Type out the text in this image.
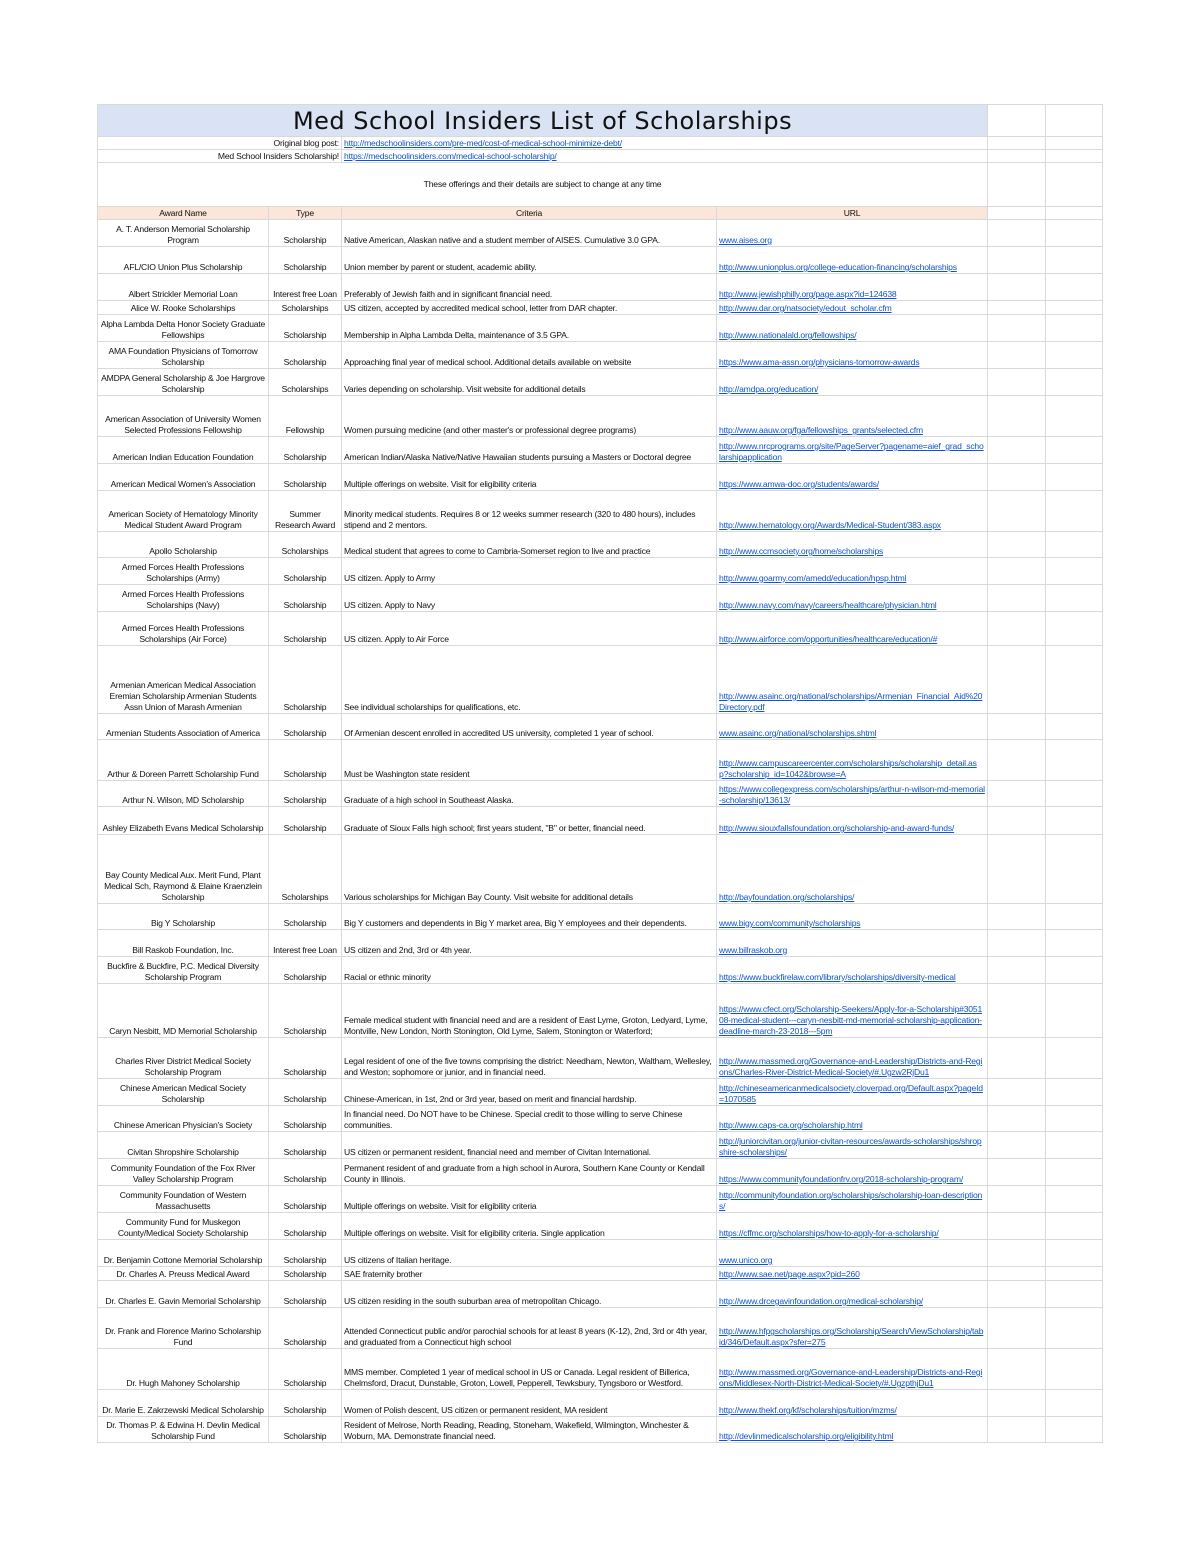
Med School Insiders List of Scholarships					
Original blog post:		http://medschoolinsiders.com/pre-med/cost-of-medical-school-minimize-debt/			
Med School Insiders Scholarship!		https://medschoolinsiders.com/medical-school-scholarship/			
These offerings and their details are subject to change at any time					
Award Name	Type	Criteria	URL		
A. T. Anderson Memorial Scholarship Program	Scholarship	Native American, Alaskan native and a student member of AISES. Cumulative 3.0 GPA.	www.aises.org		
AFL/CIO Union Plus Scholarship	Scholarship	Union member by parent or student, academic ability.	http://www.unionplus.org/college-education-financing/scholarships		
Albert Strickler Memorial Loan	Interest free Loan	Preferably of Jewish faith and in significant financial need.	http://www.jewishphilly.org/page.aspx?id=124638		
Alice W. Rooke Scholarships	Scholarships	US citizen, accepted by accredited medical school, letter from DAR chapter.	http://www.dar.org/natsociety/edout_scholar.cfm		
Alpha Lambda Delta Honor Society Graduate Fellowships	Scholarship	Membership in Alpha Lambda Delta, maintenance of 3.5 GPA.	http://www.nationalald.org/fellowships/		
AMA Foundation Physicians of Tomorrow Scholarship	Scholarship	Approaching final year of medical school. Additional details available on website	https://www.ama-assn.org/physicians-tomorrow-awards		
AMDPA General Scholarship & Joe Hargrove Scholarship	Scholarships	Varies depending on scholarship. Visit website for additional details	http://amdpa.org/education/		
American Association of University Women Selected Professions Fellowship	Fellowship	Women pursuing medicine (and other master's or professional degree programs)	http://www.aauw.org/fga/fellowships_grants/selected.cfm		
American Indian Education Foundation	Scholarship	American Indian/Alaska Native/Native Hawaiian students pursuing a Masters or Doctoral degree	http://www.nrcprograms.org/site/PageServer?pagename=aief_grad_scholarshipapplication		
American Medical Women's Association	Scholarship	Multiple offerings on website. Visit for eligibility criteria	https://www.amwa-doc.org/students/awards/		
American Society of Hematology Minority Medical Student Award Program	Summer Research Award	Minority medical students. Requires 8 or 12 weeks summer research (320 to 480 hours), includes stipend and 2 mentors.	http://www.hematology.org/Awards/Medical-Student/383.aspx		
Apollo Scholarship	Scholarships	Medical student that agrees to come to Cambria-Somerset region to live and practice	http://www.ccmsociety.org/home/scholarships		
Armed Forces Health Professions Scholarships (Army)	Scholarship	US citizen. Apply to Army	http://www.goarmy.com/amedd/education/hpsp.html		
Armed Forces Health Professions Scholarships (Navy)	Scholarship	US citizen. Apply to Navy	http://www.navy.com/navy/careers/healthcare/physician.html		
Armed Forces Health Professions Scholarships (Air Force)	Scholarship	US citizen. Apply to Air Force	http://www.airforce.com/opportunities/healthcare/education/#		
Armenian American Medical Association Eremian Scholarship Armenian Students Assn Union of Marash Armenian	Scholarship	See individual scholarships for qualifications, etc.	http://www.asainc.org/national/scholarships/Armenian_Financial_Aid%20Directory.pdf		
Armenian Students Association of America	Scholarship	Of Armenian descent enrolled in accredited US university, completed 1 year of school.	www.asainc.org/national/scholarships.shtml		
Arthur & Doreen Parrett Scholarship Fund	Scholarship	Must be Washington state resident	http://www.campuscareercenter.com/scholarships/scholarship_detail.asp?scholarship_id=1042&browse=A		
Arthur N. Wilson, MD Scholarship	Scholarship	Graduate of a high school in Southeast Alaska.	https://www.collegexpress.com/scholarships/arthur-n-wilson-md-memorial-scholarship/13613/		
Ashley Elizabeth Evans Medical Scholarship	Scholarship	Graduate of Sioux Falls high school; first years student, "B" or better, financial need.	http://www.siouxfallsfoundation.org/scholarship-and-award-funds/		
Bay County Medical Aux. Merit Fund, Plant Medical Sch, Raymond & Elaine Kraenzlein Scholarship	Scholarships	Various scholarships for Michigan Bay County. Visit website for additional details	http://bayfoundation.org/scholarships/		
Big Y Scholarship	Scholarship	Big Y customers and dependents in Big Y market area, Big Y employees and their dependents.	www.bigy.com/community/scholarships		
Bill Raskob Foundation, Inc.	Interest free Loan	US citizen and 2nd, 3rd or 4th year.	www.billraskob.org		
Buckfire & Buckfire, P.C. Medical Diversity Scholarship Program	Scholarship	Racial or ethnic minority	https://www.buckfirelaw.com/library/scholarships/diversity-medical		
Caryn Nesbitt, MD Memorial Scholarship	Scholarship	Female medical student with financial need and are a resident of East Lyme, Groton, Ledyard, Lyme, Montville, New London, North Stonington, Old Lyme, Salem, Stonington or Waterford;	https://www.cfect.org/Scholarship-Seekers/Apply-for-a-Scholarship#305108-medical-student---caryn-nesbitt-md-memorial-scholarship-application-deadline-march-23-2018---5pm		
Charles River District Medical Society Scholarship Program	Scholarship	Legal resident of one of the five towns comprising the district: Needham, Newton, Waltham, Wellesley, and Weston; sophomore or junior, and in financial need.	http://www.massmed.org/Governance-and-Leadership/Districts-and-Regions/Charles-River-District-Medical-Society/#.Ugzw2RjDu1		
Chinese American Medical Society Scholarship	Scholarship	Chinese-American, in 1st, 2nd or 3rd year, based on merit and financial hardship.	http://chineseamericanmedicalsociety.cloverpad.org/Default.aspx?pageId=1070585		
Chinese American Physician's Society	Scholarship	In financial need. Do NOT have to be Chinese. Special credit to those willing to serve Chinese communities.	http://www.caps-ca.org/scholarship.html		
Civitan Shropshire Scholarship	Scholarship	US citizen or permanent resident, financial need and member of Civitan International.	http://juniorcivitan.org/junior-civitan-resources/awards-scholarships/shropshire-scholarships/		
Community Foundation of the Fox River Valley Scholarship Program	Scholarship	Permanent resident of and graduate from a high school in Aurora, Southern Kane County or Kendall County in Illinois.	https://www.communityfoundationfrv.org/2018-scholarship-program/		
Community Foundation of Western Massachusetts	Scholarship	Multiple offerings on website. Visit for eligibility criteria	http://communityfoundation.org/scholarships/scholarship-loan-descriptions/		
Community Fund for Muskegon County/Medical Society Scholarship	Scholarship	Multiple offerings on website. Visit for eligibility criteria. Single application	https://cffmc.org/scholarships/how-to-apply-for-a-scholarship/		
Dr. Benjamin Cottone Memorial Scholarship	Scholarship	US citizens of Italian heritage.	www.unico.org		
Dr. Charles A. Preuss Medical Award	Scholarship	SAE fraternity brother	http://www.sae.net/page.aspx?pid=260		
Dr. Charles E. Gavin Memorial Scholarship	Scholarship	US citizen residing in the south suburban area of metropolitan Chicago.	http://www.drcegavinfoundation.org/medical-scholarship/		
Dr. Frank and Florence Marino Scholarship Fund	Scholarship	Attended Connecticut public and/or parochial schools for at least 8 years (K-12), 2nd, 3rd or 4th year, and graduated from a Connecticut high school	http://www.hfpgscholarships.org/Scholarship/Search/ViewScholarship/tabid/346/Default.aspx?sfer=275		
Dr. Hugh Mahoney Scholarship	Scholarship	MMS member. Completed 1 year of medical school in US or Canada. Legal resident of Billerica, Chelmsford, Dracut, Dunstable, Groton, Lowell, Pepperell, Tewksbury, Tyngsboro or Westford.	http://www.massmed.org/Governance-and-Leadership/Districts-and-Regions/Middlesex-North-District-Medical-Society/#.UgzpthjDu1		
Dr. Marie E. Zakrzewski Medical Scholarship	Scholarship	Women of Polish descent, US citizen or permanent resident, MA resident	http://www.thekf.org/kf/scholarships/tuition/mzms/		
Dr. Thomas P. & Edwina H. Devlin Medical Scholarship Fund	Scholarship	Resident of Melrose, North Reading, Reading, Stoneham, Wakefield, Wilmington, Winchester & Woburn, MA. Demonstrate financial need.	http://devlinmedicalscholarship.org/eligibility.html		
